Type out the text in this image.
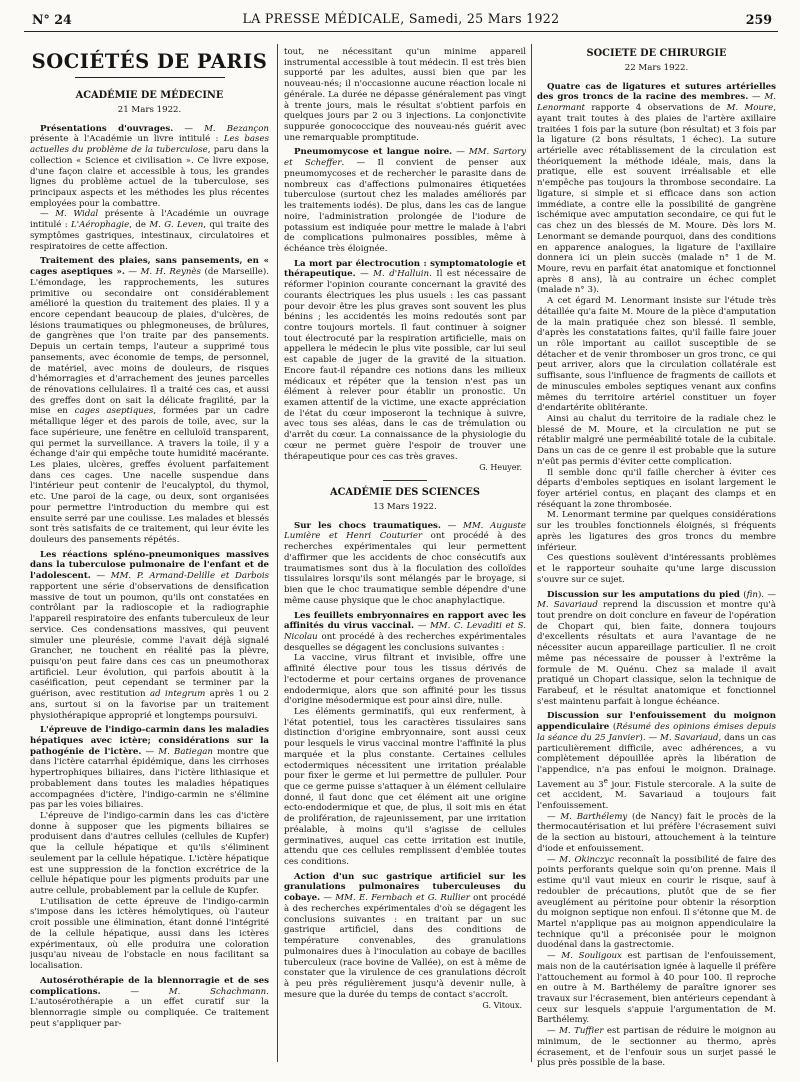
N° 24	LA PRESSE MÉDICALE, Samedi, 25 Mars 1922	259
SOCIÉTÉS DE PARIS
ACADÉMIE DE MÉDECINE
21 Mars 1922.

Présentations d'ouvrages. — M. Bezançon présente à l'Académie un livre intitulé : Les bases actuelles du problème de la tuberculose, paru dans la collection « Science et civilisation ». Ce livre expose, d'une façon claire et accessible à tous, les grandes lignes du problème actuel de la tuberculose, ses principaux aspects et les méthodes les plus récentes employées pour la combattre.

— M. Widal présente à l'Académie un ouvrage intitulé : L'Aérophagie, de M. G. Leven, qui traite des symptômes gastriques, intestinaux, circulatoires et respiratoires de cette affection.

Traitement des plaies, sans pansements, en « cages aseptiques ». — M. H. Reynès (de Marseille). L'émondage, les rapprochements, les sutures primitive ou secondaire ont considérablement amélioré la question du traitement des plaies. Il y a encore cependant beaucoup de plaies, d'ulcères, de lésions traumatiques ou phlegmoneuses, de brûlures, de gangrènes que l'on traite par des pansements. Depuis un certain temps, l'auteur a supprimé tous pansements, avec économie de temps, de personnel, de matériel, avec moins de douleurs, de risques d'hémorragies et d'arrachement des jeunes parcelles de rénovations cellulaires. Il a traité ces cas, et aussi des greffes dont on sait la délicate fragilité, par la mise en cages aseptiques, formées par un cadre métallique léger et des parois de toile, avec, sur la face supérieure, une fenêtre en celluloïd transparent, qui permet la surveillance. A travers la toile, il y a échange d'air qui empêche toute humidité macérante. Les plaies, ulcères, greffes évoluent parfaitement dans ces cages. Une nacelle suspendue dans l'intérieur peut contenir de l'eucalyptol, du thymol, etc. Une paroi de la cage, ou deux, sont organisées pour permettre l'introduction du membre qui est ensuite serré par une coulisse. Les malades et blessés sont très satisfaits de ce traitement, qui leur évite les douleurs des pansements répétés.

Les réactions spléno-pneumoniques massives dans la tuberculose pulmonaire de l'enfant et de l'adolescent. — MM. P. Armand-Delille et Darbois rapportent une série d'observations de densification massive de tout un poumon, qu'ils ont constatées en contrôlant par la radioscopie et la radiographie l'appareil respiratoire des enfants tuberculeux de leur service. Ces condensations massives, qui peuvent simuler une pleurésie, comme l'avait déjà signalé Grancher, ne touchent en réalité pas la plèvre, puisqu'on peut faire dans ces cas un pneumothorax artificiel. Leur évolution, qui parfois aboutit à la caséification, peut cependant se terminer par la guérison, avec restitution ad integrum après 1 ou 2 ans, surtout si on la favorise par un traitement physiothérapique approprié et longtemps poursuivi.

L'épreuve de l'indigo-carmin dans les maladies hépatiques avec ictère; considérations sur la pathogénie de l'ictère. — M. Batiegan montre que dans l'ictère catarrhal épidémique, dans les cirrhoses hypertrophiques biliaires, dans l'ictère lithiasique et probablement dans toutes les maladies hépatiques accompagnées d'ictère, l'indigo-carmin ne s'élimine pas par les voies biliaires.

L'épreuve de l'indigo-carmin dans les cas d'ictère donne à supposer que les pigments biliaires se produisent dans d'autres cellules (cellules de Kupfer) que la cellule hépatique et qu'ils s'éliminent seulement par la cellule hépatique. L'ictère hépatique est une suppression de la fonction excrétrice de la cellule hépatique pour les pigments produits par une autre cellule, probablement par la cellule de Kupfer.

L'utilisation de cette épreuve de l'indigo-carmin s'impose dans les ictères hémolytiques, où l'auteur croit possible une élimination, étant donné l'intégrité de la cellule hépatique, aussi dans les ictères expérimentaux, où elle produira une coloration jusqu'au niveau de l'obstacle en nous facilitant sa localisation.

Autosérothérapie de la blennorragie et de ses complications. — M. Schachmann. L'autosérothérapie a un effet curatif sur la blennorragie simple ou compliquée. Ce traitement peut s'appliquer par-

tout, ne nécessitant qu'un minime appareil instrumental accessible à tout médecin. Il est très bien supporté par les adultes, aussi bien que par les nouveau-nés; il n'occasionne aucune réaction locale ni générale. La durée ne dépasse généralement pas vingt à trente jours, mais le résultat s'obtient parfois en quelques jours par 2 ou 3 injections. La conjonctivite suppurée gonococcique des nouveau-nés guérit avec une remarquable promptitude.

Pneumomycose et langue noire. — MM. Sartory et Scheffer. — Il convient de penser aux pneumomycoses et de rechercher le parasite dans de nombreux cas d'affections pulmonaires étiquetées tuberculose (surtout chez les malades améliorés par les traitements iodés). De plus, dans les cas de langue noire, l'administration prolongée de l'iodure de potassium est indiquée pour mettre le malade à l'abri de complications pulmonaires possibles, même à échéance très éloignée.

La mort par électrocution : symptomatologie et thérapeutique. — M. d'Halluin. Il est nécessaire de réformer l'opinion courante concernant la gravité des courants électriques les plus usuels : les cas passant pour devoir être les plus graves sont souvent les plus bénins ; les accidentés les moins redoutés sont par contre toujours mortels. Il faut continuer à soigner tout électrocuté par la respiration artificielle, mais on appellera le médecin le plus vite possible, car lui seul est capable de juger de la gravité de la situation. Encore faut-il répandre ces notions dans les milieux médicaux et répéter que la tension n'est pas un élément à relever pour établir un pronostic. Un examen attentif de la victime, une exacte appréciation de l'état du cœur imposeront la technique à suivre, avec tous ses aléas, dans le cas de trémulation ou d'arrêt du cœur. La connaissance de la physiologie du cœur ne permet guère l'espoir de trouver une thérapeutique pour ces cas très graves.

G. Heuyer.
ACADÉMIE DES SCIENCES
13 Mars 1922.

Sur les chocs traumatiques. — MM. Auguste Lumière et Henri Couturier ont procédé à des recherches expérimentales qui leur permettent d'affirmer que les accidents de choc consécutifs aux traumatismes sont dus à la floculation des colloïdes tissulaires lorsqu'ils sont mélangés par le broyage, si bien que le choc traumatique semble dépendre d'une même cause physique que le choc anaphylactique.

Les feuillets embryonnaires en rapport avec les affinités du virus vaccinal. — MM. C. Levaditi et S. Nicolau ont procédé à des recherches expérimentales desquelles se dégagent les conclusions suivantes :

La vaccine, virus filtrant et invisible, offre une affinité élective pour tous les tissus dérivés de l'ectoderme et pour certains organes de provenance endodermique, alors que son affinité pour les tissus d'origine mésodermique est pour ainsi dire, nulle.

Les éléments germinatifs, qui eux renferment, à l'état potentiel, tous les caractères tissulaires sans distinction d'origine embryonnaire, sont aussi ceux pour lesquels le virus vaccinal montre l'affinité la plus marquée et la plus constante. Certaines cellules ectodermiques nécessitent une irritation préalable pour fixer le germe et lui permettre de pulluler. Pour que ce germe puisse s'attaquer à un élément cellulaire donné, il faut donc que cet élément ait une origine ecto-endodermique et que, de plus, il soit mis en état de prolifération, de rajeunissement, par une irritation préalable, à moins qu'il s'agisse de cellules germinatives, auquel cas cette irritation est inutile, attendu que ces cellules remplissent d'emblée toutes ces conditions.

Action d'un suc gastrique artificiel sur les granulations pulmonaires tuberculeuses du cobaye. — MM. E. Fernbach et G. Rullier ont procédé à des recherches expérimentales d'où se dégagent les conclusions suivantes : en traitant par un suc gastrique artificiel, dans des conditions de température convenables, des granulations pulmonaires dues à l'inoculation au cobaye de bacilles tuberculeux (race bovine de Vallée), on est à même de constater que la virulence de ces granulations décroît à peu près régulièrement jusqu'à devenir nulle, à mesure que la durée du temps de contact s'accroît.

G. Vitoux.
SOCIÉTÉ DE CHIRURGIE
22 Mars 1922.

Quatre cas de ligatures et sutures artérielles des gros troncs de la racine des membres. — M. Lenormant rapporte 4 observations de M. Moure, ayant trait toutes à des plaies de l'artère axillaire traitées 1 fois par la suture (bon résultat) et 3 fois par la ligature (2 bons résultats, 1 échec). La suture artérielle avec rétablissement de la circulation est théoriquement la méthode idéale, mais, dans la pratique, elle est souvent irréalisable et elle n'empêche pas toujours la thrombose secondaire. La ligature, si simple et si efficace dans son action immédiate, a contre elle la possibilité de gangrène ischémique avec amputation secondaire, ce qui fut le cas chez un des blessés de M. Moure. Dès lors M. Lenormant se demande pourquoi, dans des conditions en apparence analogues, la ligature de l'axillaire donnera ici un plein succès (malade n° 1 de M. Moure, revu en parfait état anatomique et fonctionnel après 8 ans), là au contraire un échec complet (malade n° 3).

A cet égard M. Lenormant insiste sur l'étude très détaillée qu'a faite M. Moure de la pièce d'amputation de la main pratiquée chez son blessé. Il semble, d'après les constatations faites, qu'il faille faire jouer un rôle important au caillot susceptible de se détacher et de venir thromboser un gros tronc, ce qui peut arriver, alors que la circulation collatérale est suffisante, sous l'influence de fragments de caillots et de minuscules emboles septiques venant aux confins mêmes du territoire artériel constituer un foyer d'endartérite oblitérante.

Ainsi au chalut du territoire de la radiale chez le blessé de M. Moure, et la circulation ne put se rétablir malgré une perméabilité totale de la cubitale. Dans un cas de ce genre il est probable que la suture n'eût pas permis d'éviter cette complication.

Il semble donc qu'il faille chercher à éviter ces départs d'emboles septiques en isolant largement le foyer artériel contus, en plaçant des clamps et en réséquant la zone thrombosée.

M. Lenormant termine par quelques considérations sur les troubles fonctionnels éloignés, si fréquents après les ligatures des gros troncs du membre inférieur.

Ces questions soulèvent d'intéressants problèmes et le rapporteur souhaite qu'une large discussion s'ouvre sur ce sujet.

Discussion sur les amputations du pied (fin). — M. Savariaud reprend la discussion et montre qu'à tout prendre on doit conclure en faveur de l'opération de Chopart qui, bien faite, donnera toujours d'excellents résultats et aura l'avantage de ne nécessiter aucun appareillage particulier. Il ne croit même pas nécessaire de pousser à l'extrême la formule de M. Quénu. Chez sa malade il avait pratiqué un Chopart classique, selon la technique de Farabeuf, et le résultat anatomique et fonctionnel s'est maintenu parfait à longue échéance.

Discussion sur l'enfouissement du moignon appendiculaire (Résumé des opinions émises depuis la séance du 25 Janvier). — M. Savariaud, dans un cas particulièrement difficile, avec adhérences, a vu complètement dépouillée après la libération de l'appendice, n'a pas enfoui le moignon. Drainage. Lavement au 3e jour. Fistule stercorale. A la suite de cet accident, M. Savariaud a toujours fait l'enfouissement.

— M. Barthélemy (de Nancy) fait le procès de la thermocautérisation et lui préfère l'écrasement suivi de la section au bistouri, attouchement à la teinture d'iode et enfouissement.

— M. Okinczyc reconnaît la possibilité de faire des points perforants quelque soin qu'on prenne. Mais il estime qu'il vaut mieux en courir le risque, sauf à redoubler de précautions, plutôt que de se fier aveuglément au péritoine pour obtenir la résorption du moignon septique non enfoui. Il s'étonne que M. de Martel n'applique pas au moignon appendiculaire la technique qu'il a préconisée pour le moignon duodénal dans la gastrectomie.

— M. Souligoux est partisan de l'enfouissement, mais non de la cautérisation ignée à laquelle il préfère l'attouchement au formol à 40 pour 100. Il reproche en outre à M. Barthélemy de paraître ignorer ses travaux sur l'écrasement, bien antérieurs cependant à ceux sur lesquels s'appuie l'argumentation de M. Barthélemy.

— M. Tuffier est partisan de réduire le moignon au minimum, de le sectionner au thermo, après écrasement, et de l'enfouir sous un surjet passé le plus près possible de la base.
